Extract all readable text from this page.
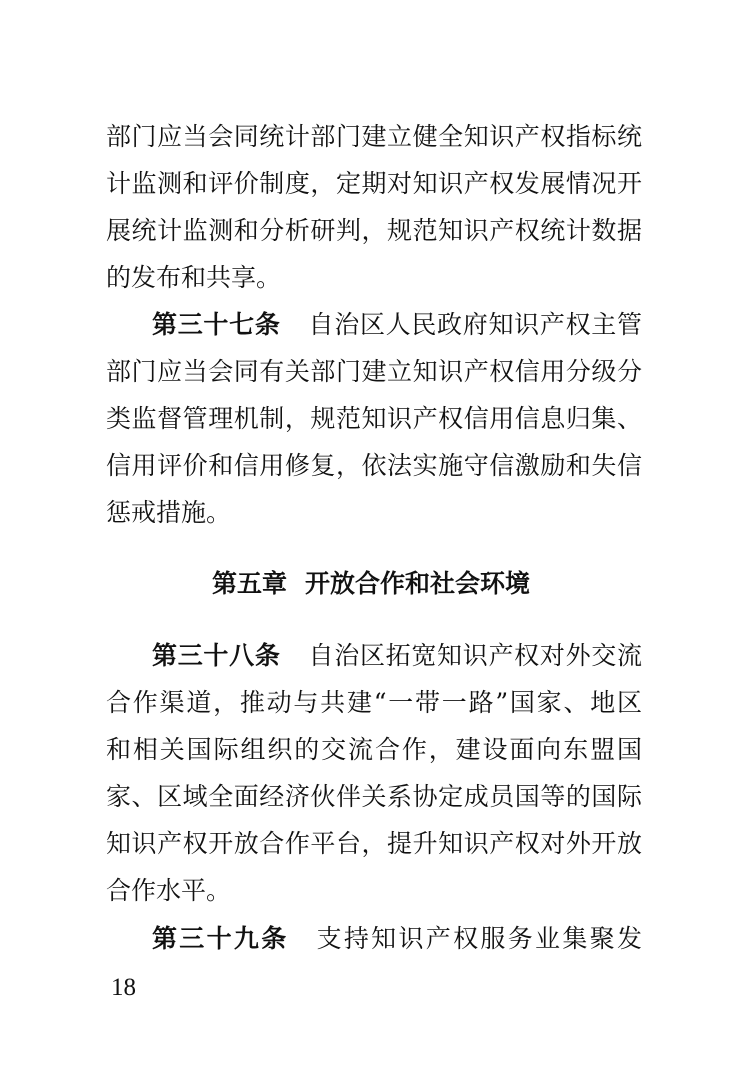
部门应当会同统计部门建立健全知识产权指标统
计监测和评价制度，定期对知识产权发展情况开
展统计监测和分析研判，规范知识产权统计数据
的发布和共享。
第三十七条 自治区人民政府知识产权主管
部门应当会同有关部门建立知识产权信用分级分
类监督管理机制，规范知识产权信用信息归集、
信用评价和信用修复，依法实施守信激励和失信
惩戒措施。
第五章 开放合作和社会环境
第三十八条 自治区拓宽知识产权对外交流
合作渠道，推动与共建“一带一路”国家、地区
和相关国际组织的交流合作，建设面向东盟国
家、区域全面经济伙伴关系协定成员国等的国际
知识产权开放合作平台，提升知识产权对外开放
合作水平。
第三十九条 支持知识产权服务业集聚发
18
